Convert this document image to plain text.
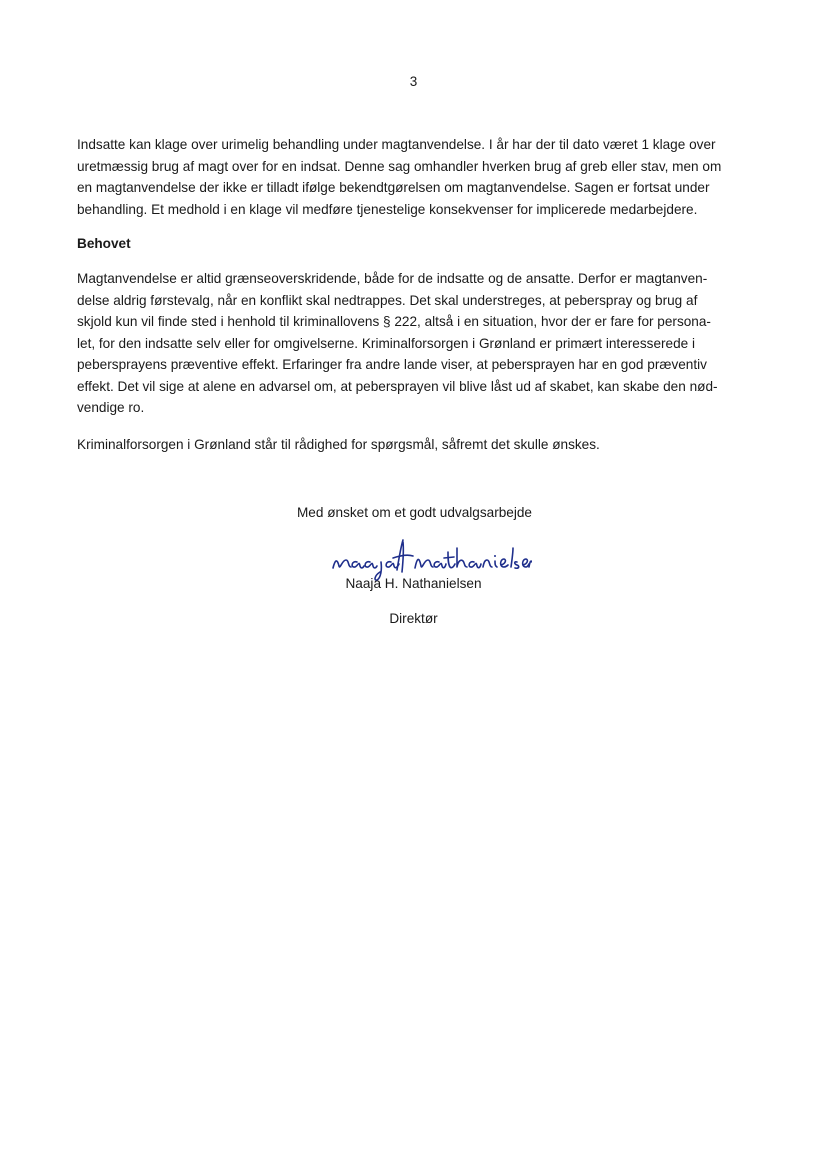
3

Indsatte kan klage over urimelig behandling under magtanvendelse. I år har der til dato været 1 klage over

uretmæssig brug af magt over for en indsat. Denne sag omhandler hverken brug af greb eller stav, men om

en magtanvendelse der ikke er tilladt ifølge bekendtgørelsen om magtanvendelse. Sagen er fortsat under

behandling. Et medhold i en klage vil medføre tjenestelige konsekvenser for implicerede medarbejdere.

Behovet

Magtanvendelse er altid grænseoverskridende, både for de indsatte og de ansatte. Derfor er magtanven-

delse aldrig førstevalg, når en konflikt skal nedtrappes. Det skal understreges, at peberspray og brug af

skjold kun vil finde sted i henhold til kriminallovens § 222, altså i en situation, hvor der er fare for persona-

let, for den indsatte selv eller for omgivelserne. Kriminalforsorgen i Grønland er primært interesserede i

pebersprayens præventive effekt. Erfaringer fra andre lande viser, at pebersprayen har en god præventiv

effekt. Det vil sige at alene en advarsel om, at pebersprayen vil blive låst ud af skabet, kan skabe den nød-

vendige ro.

Kriminalforsorgen i Grønland står til rådighed for spørgsmål, såfremt det skulle ønskes.

Med ønsket om et godt udvalgsarbejde
Naaja H. Nathanielsen
Direktør
